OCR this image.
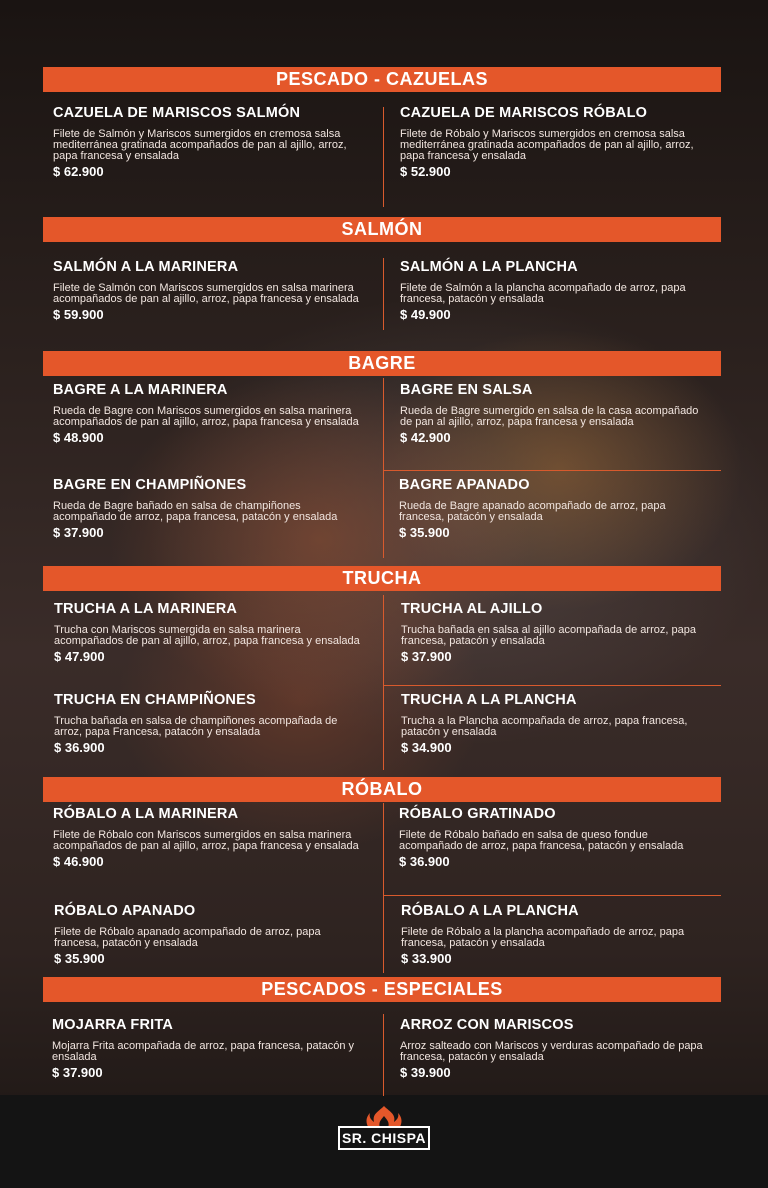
PESCADO - CAZUELAS
CAZUELA DE MARISCOS SALMÓN
Filete de Salmón y Mariscos sumergidos en cremosa salsa mediterránea gratinada acompañados de pan al ajillo, arroz, papa francesa y ensalada
$ 62.900
CAZUELA DE MARISCOS RÓBALO
Filete de Róbalo y Mariscos sumergidos en cremosa salsa mediterránea gratinada acompañados de pan al ajillo, arroz, papa francesa y ensalada
$ 52.900
SALMÓN
SALMÓN A LA MARINERA
Filete de Salmón con Mariscos sumergidos en salsa marinera acompañados de pan al ajillo, arroz, papa francesa y ensalada
$ 59.900
SALMÓN A LA PLANCHA
Filete de Salmón a la plancha acompañado de arroz, papa francesa, patacón y ensalada
$ 49.900
BAGRE
BAGRE A LA MARINERA
Rueda de Bagre con Mariscos sumergidos en salsa marinera acompañados de pan al ajillo, arroz, papa francesa y ensalada
$ 48.900
BAGRE EN SALSA
Rueda de Bagre sumergido en salsa de la casa acompañado de pan al ajillo, arroz, papa francesa y ensalada
$ 42.900
BAGRE EN CHAMPIÑONES
Rueda de Bagre bañado en salsa de champiñones acompañado de arroz, papa francesa, patacón y ensalada
$ 37.900
BAGRE APANADO
Rueda de Bagre apanado acompañado de arroz, papa francesa, patacón y ensalada
$ 35.900
TRUCHA
TRUCHA A LA MARINERA
Trucha con Mariscos sumergida en salsa marinera acompañados de pan al ajillo, arroz, papa francesa y ensalada
$ 47.900
TRUCHA AL AJILLO
Trucha bañada en salsa al ajillo acompañada de arroz, papa francesa, patacón y ensalada
$ 37.900
TRUCHA EN CHAMPIÑONES
Trucha bañada en salsa de champiñones acompañada de arroz, papa Francesa, patacón y ensalada
$ 36.900
TRUCHA A LA PLANCHA
Trucha a la Plancha acompañada de arroz, papa francesa, patacón y ensalada
$ 34.900
RÓBALO
RÓBALO A LA MARINERA
Filete de Róbalo con Mariscos sumergidos en salsa marinera acompañados de pan al ajillo, arroz, papa francesa y ensalada
$ 46.900
RÓBALO GRATINADO
Filete de Róbalo bañado en salsa de queso fondue acompañado de arroz, papa francesa, patacón y ensalada
$ 36.900
RÓBALO APANADO
Filete de Róbalo apanado acompañado de arroz, papa francesa, patacón y ensalada
$ 35.900
RÓBALO A LA PLANCHA
Filete de Róbalo a la plancha acompañado de arroz, papa francesa, patacón y ensalada
$ 33.900
PESCADOS - ESPECIALES
MOJARRA FRITA
Mojarra Frita acompañada de arroz, papa francesa, patacón y ensalada
$ 37.900
ARROZ CON MARISCOS
Arroz salteado con Mariscos y verduras acompañado de papa francesa, patacón y ensalada
$ 39.900
SR. CHISPA
